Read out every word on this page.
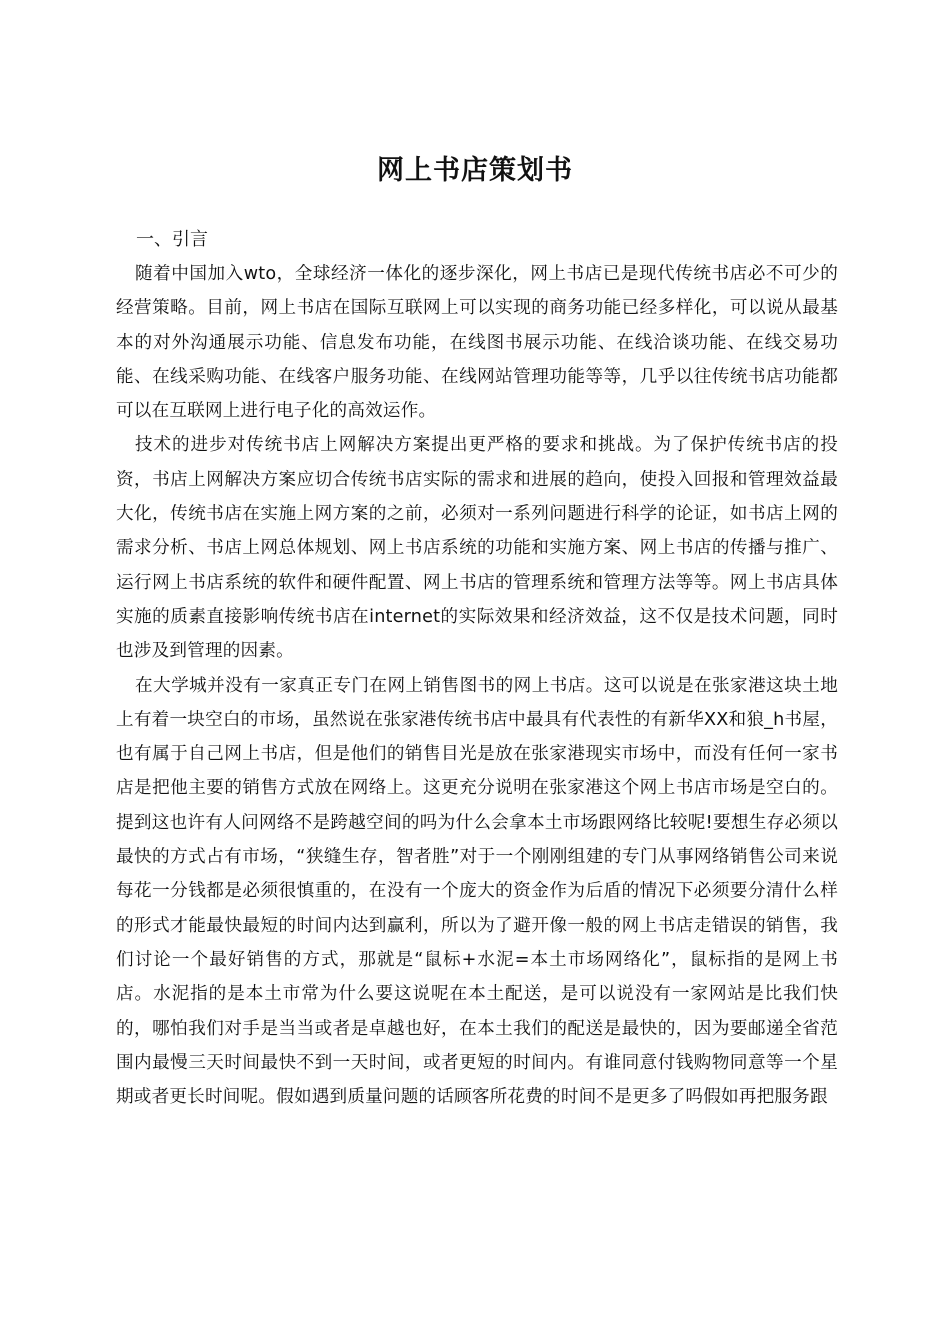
网上书店策划书

一、引言

随着中国加入wto，全球经济一体化的逐步深化，网上书店已是现代传统书店必不可少的经营策略。目前，网上书店在国际互联网上可以实现的商务功能已经多样化，可以说从最基本的对外沟通展示功能、信息发布功能，在线图书展示功能、在线洽谈功能、在线交易功能、在线采购功能、在线客户服务功能、在线网站管理功能等等，几乎以往传统书店功能都可以在互联网上进行电子化的高效运作。

技术的进步对传统书店上网解决方案提出更严格的要求和挑战。为了保护传统书店的投资，书店上网解决方案应切合传统书店实际的需求和进展的趋向，使投入回报和管理效益最大化，传统书店在实施上网方案的之前，必须对一系列问题进行科学的论证，如书店上网的需求分析、书店上网总体规划、网上书店系统的功能和实施方案、网上书店的传播与推广、运行网上书店系统的软件和硬件配置、网上书店的管理系统和管理方法等等。网上书店具体实施的质素直接影响传统书店在internet的实际效果和经济效益，这不仅是技术问题，同时也涉及到管理的因素。

在大学城并没有一家真正专门在网上销售图书的网上书店。这可以说是在张家港这块土地上有着一块空白的市场，虽然说在张家港传统书店中最具有代表性的有新华XX和狼_h书屋，也有属于自己网上书店，但是他们的销售目光是放在张家港现实市场中，而没有任何一家书店是把他主要的销售方式放在网络上。这更充分说明在张家港这个网上书店市场是空白的。提到这也许有人问网络不是跨越空间的吗为什么会拿本土市场跟网络比较呢!要想生存必须以最快的方式占有市场，“狭缝生存，智者胜”对于一个刚刚组建的专门从事网络销售公司来说每花一分钱都是必须很慎重的，在没有一个庞大的资金作为后盾的情况下必须要分清什么样的形式才能最快最短的时间内达到赢利，所以为了避开像一般的网上书店走错误的销售，我们讨论一个最好销售的方式，那就是“鼠标+水泥=本土市场网络化”，鼠标指的是网上书店。水泥指的是本土市常为什么要这说呢在本土配送，是可以说没有一家网站是比我们快的，哪怕我们对手是当当或者是卓越也好，在本土我们的配送是最快的，因为要邮递全省范围内最慢三天时间最快不到一天时间，或者更短的时间内。有谁同意付钱购物同意等一个星期或者更长时间呢。假如遇到质量问题的话顾客所花费的时间不是更多了吗假如再把服务跟
